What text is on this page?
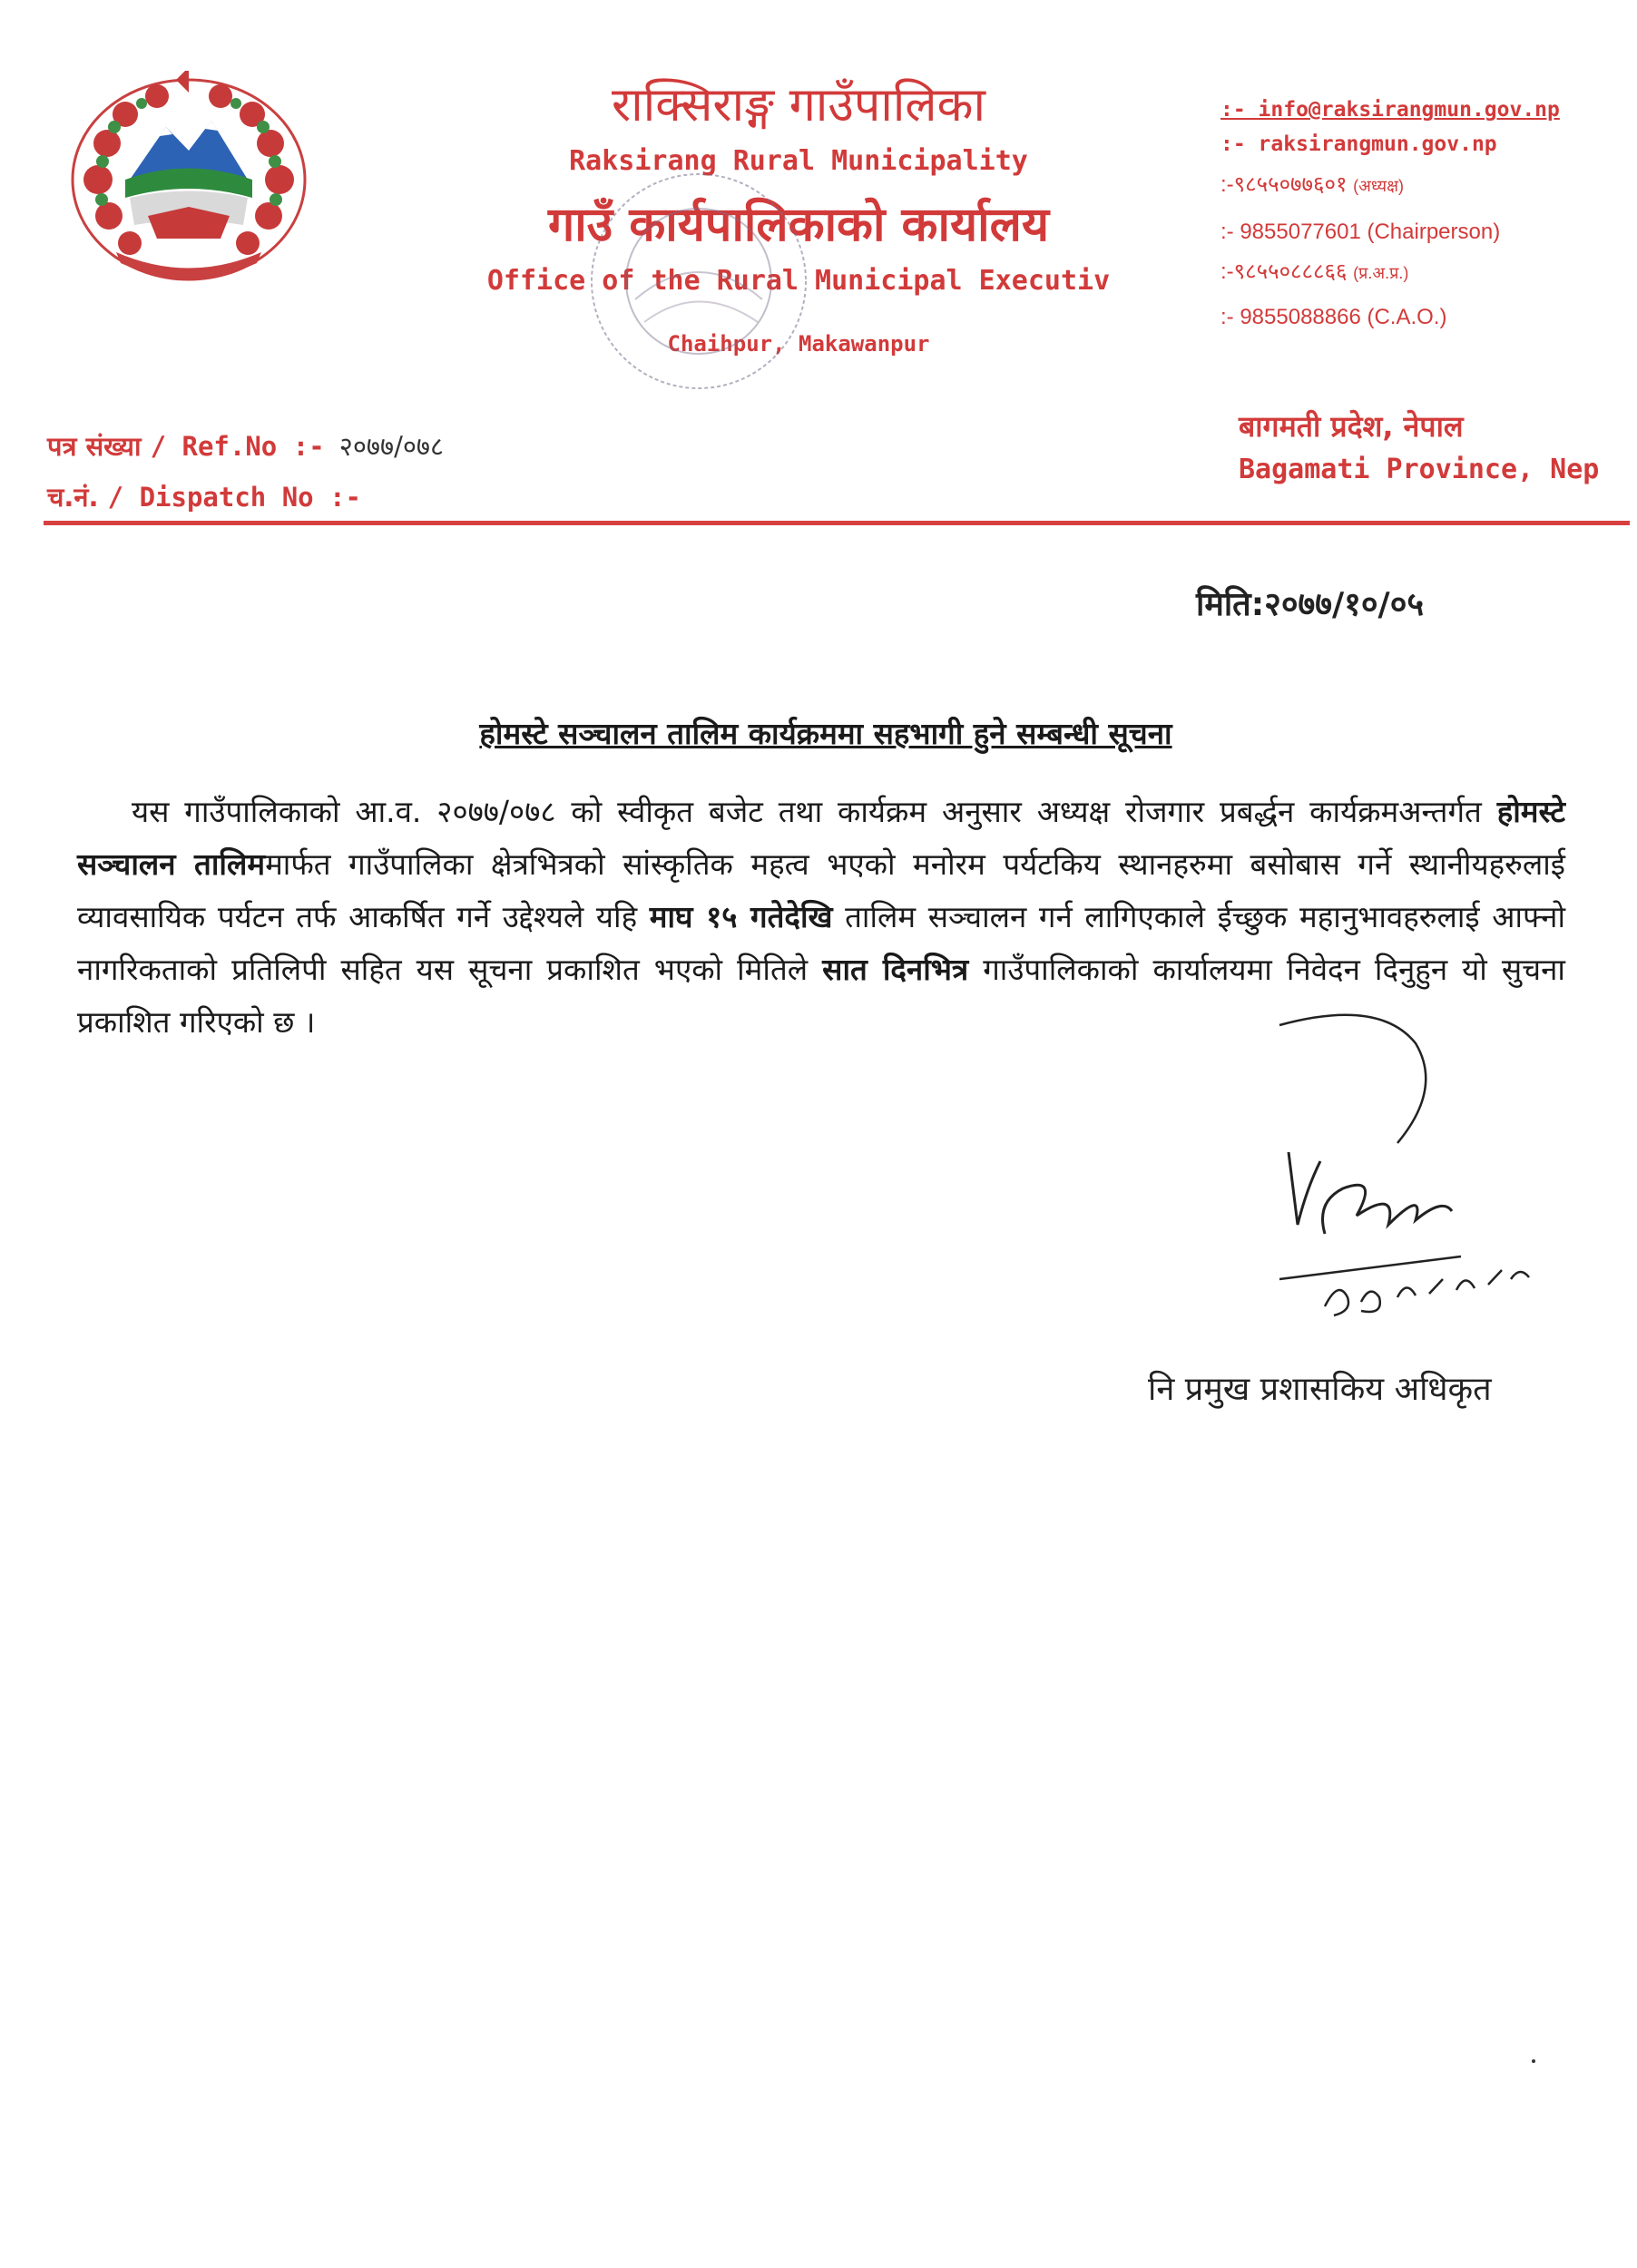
राक्सिराङ्ग गाउँपालिका
Raksirang Rural Municipality
गाउँ कार्यपालिकाको कार्यालय
Office of the Rural Municipal Executiv
Chaihpur, Makawanpur
:- info@raksirangmun.gov.np
:- raksirangmun.gov.np
:-९८५५०७७६०१ (अध्यक्ष)
:- 9855077601 (Chairperson)
:-९८५५०८८८६६ (प्र.अ.प्र.)
:- 9855088866 (C.A.O.)
बागमती प्रदेश, नेपाल
Bagamati Province, Nep
पत्र संख्या / Ref.No :- २०७७/०७८
च.नं. / Dispatch No :-
मिति:२०७७/१०/०५
होमस्टे सञ्चालन तालिम कार्यक्रममा सहभागी हुने सम्बन्धी सूचना
यस गाउँपालिकाको आ.व. २०७७/०७८ को स्वीकृत बजेट तथा कार्यक्रम अनुसार अध्यक्ष रोजगार प्रबर्द्धन कार्यक्रमअन्तर्गत होमस्टे सञ्चालन तालिममार्फत गाउँपालिका क्षेत्रभित्रको सांस्कृतिक महत्व भएको मनोरम पर्यटकिय स्थानहरुमा बसोबास गर्ने स्थानीयहरुलाई व्यावसायिक पर्यटन तर्फ आकर्षित गर्ने उद्देश्यले यहि माघ १५ गतेदेखि तालिम सञ्चालन गर्न लागिएकाले ईच्छुक महानुभावहरुलाई आफ्नो नागरिकताको प्रतिलिपी सहित यस सूचना प्रकाशित भएको मितिले सात दिनभित्र गाउँपालिकाको कार्यालयमा निवेदन दिनुहुन यो सुचना प्रकाशित गरिएको छ ।
नि प्रमुख प्रशासकिय अधिकृत
